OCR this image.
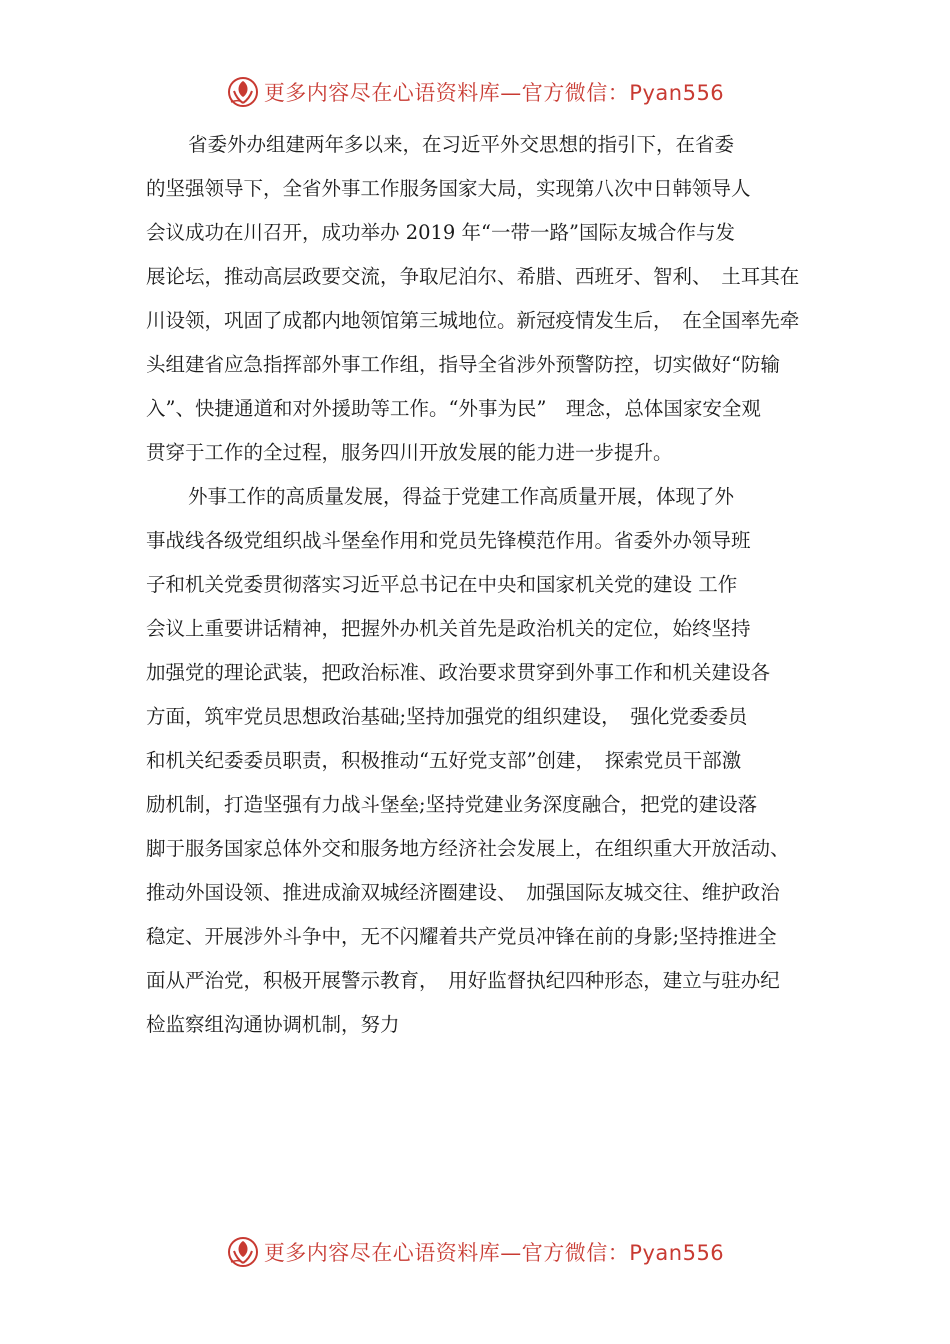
更多内容尽在心语资料库—官方微信：Pyan556
省委外办组建两年多以来，在习近平外交思想的指引下，在省委
的坚强领导下，全省外事工作服务国家大局，实现第八次中日韩领导人
会议成功在川召开，成功举办 2019 年“一带一路”国际友城合作与发
展论坛，推动高层政要交流，争取尼泊尔、希腊、西班牙、智利、　土耳其在
川设领，巩固了成都内地领馆第三城地位。新冠疫情发生后，　在全国率先牵
头组建省应急指挥部外事工作组，指导全省涉外预警防控，切实做好“防输
入”、快捷通道和对外援助等工作。“外事为民”　理念，总体国家安全观
贯穿于工作的全过程，服务四川开放发展的能力进一步提升。
外事工作的高质量发展，得益于党建工作高质量开展，体现了外
事战线各级党组织战斗堡垒作用和党员先锋模范作用。省委外办领导班
子和机关党委贯彻落实习近平总书记在中央和国家机关党的建设 工作
会议上重要讲话精神，把握外办机关首先是政治机关的定位，始终坚持
加强党的理论武装，把政治标准、政治要求贯穿到外事工作和机关建设各
方面，筑牢党员思想政治基础;坚持加强党的组织建设，　强化党委委员
和机关纪委委员职责，积极推动“五好党支部”创建，　探索党员干部激
励机制，打造坚强有力战斗堡垒;坚持党建业务深度融合，把党的建设落
脚于服务国家总体外交和服务地方经济社会发展上，在组织重大开放活动、
推动外国设领、推进成渝双城经济圈建设、　加强国际友城交往、维护政治
稳定、开展涉外斗争中，无不闪耀着共产党员冲锋在前的身影;坚持推进全
面从严治党，积极开展警示教育，　用好监督执纪四种形态，建立与驻办纪
检监察组沟通协调机制，努力
更多内容尽在心语资料库—官方微信：Pyan556
